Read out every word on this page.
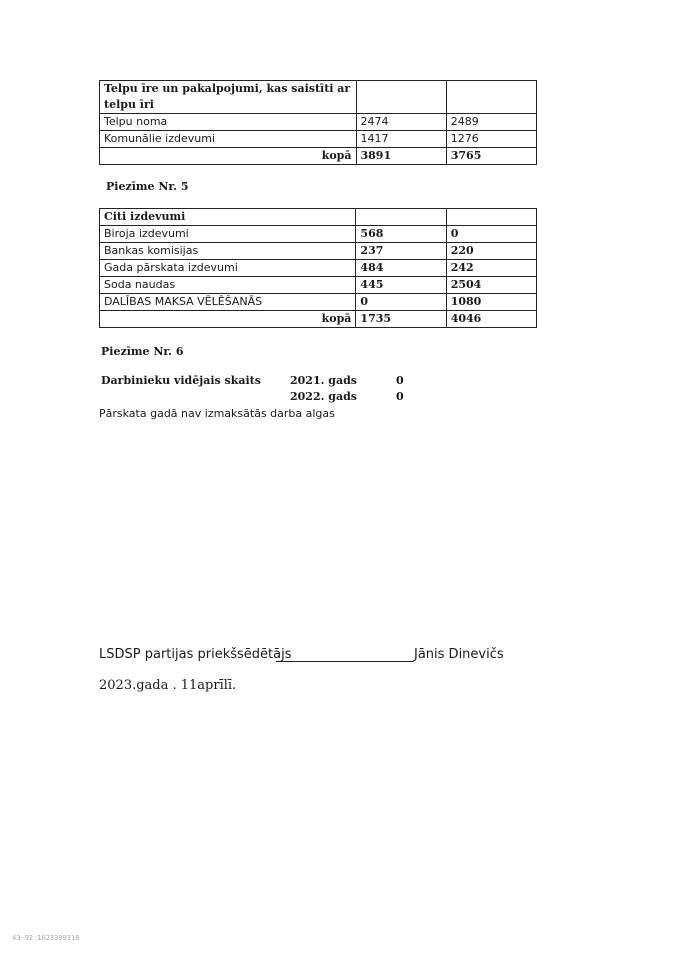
Telpu īre un pakalpojumi, kas saistīti ar telpu īri		
Telpu noma	2474	2489
Komunālie izdevumi	1417	1276
kopā	3891	3765
Piezīme Nr. 5
Citi izdevumi		
Biroja izdevumi	568	0
Bankas komisijas	237	220
Gada pārskata izdevumi	484	242
Soda naudas	445	2504
DALĪBAS MAKSA VĒLĒŠANĀS	0	1080
kopā	1735	4046
Piezīme Nr. 6
Darbinieku vidējais skaits	2021. gads	0
2022. gads	0
Pārskata gadā nav izmaksātās darba algas
LSDSP partijas priekšsēdētājs	Jānis Dinevičs
2023.gada . 11aprīlī.
43-92-1023399318
